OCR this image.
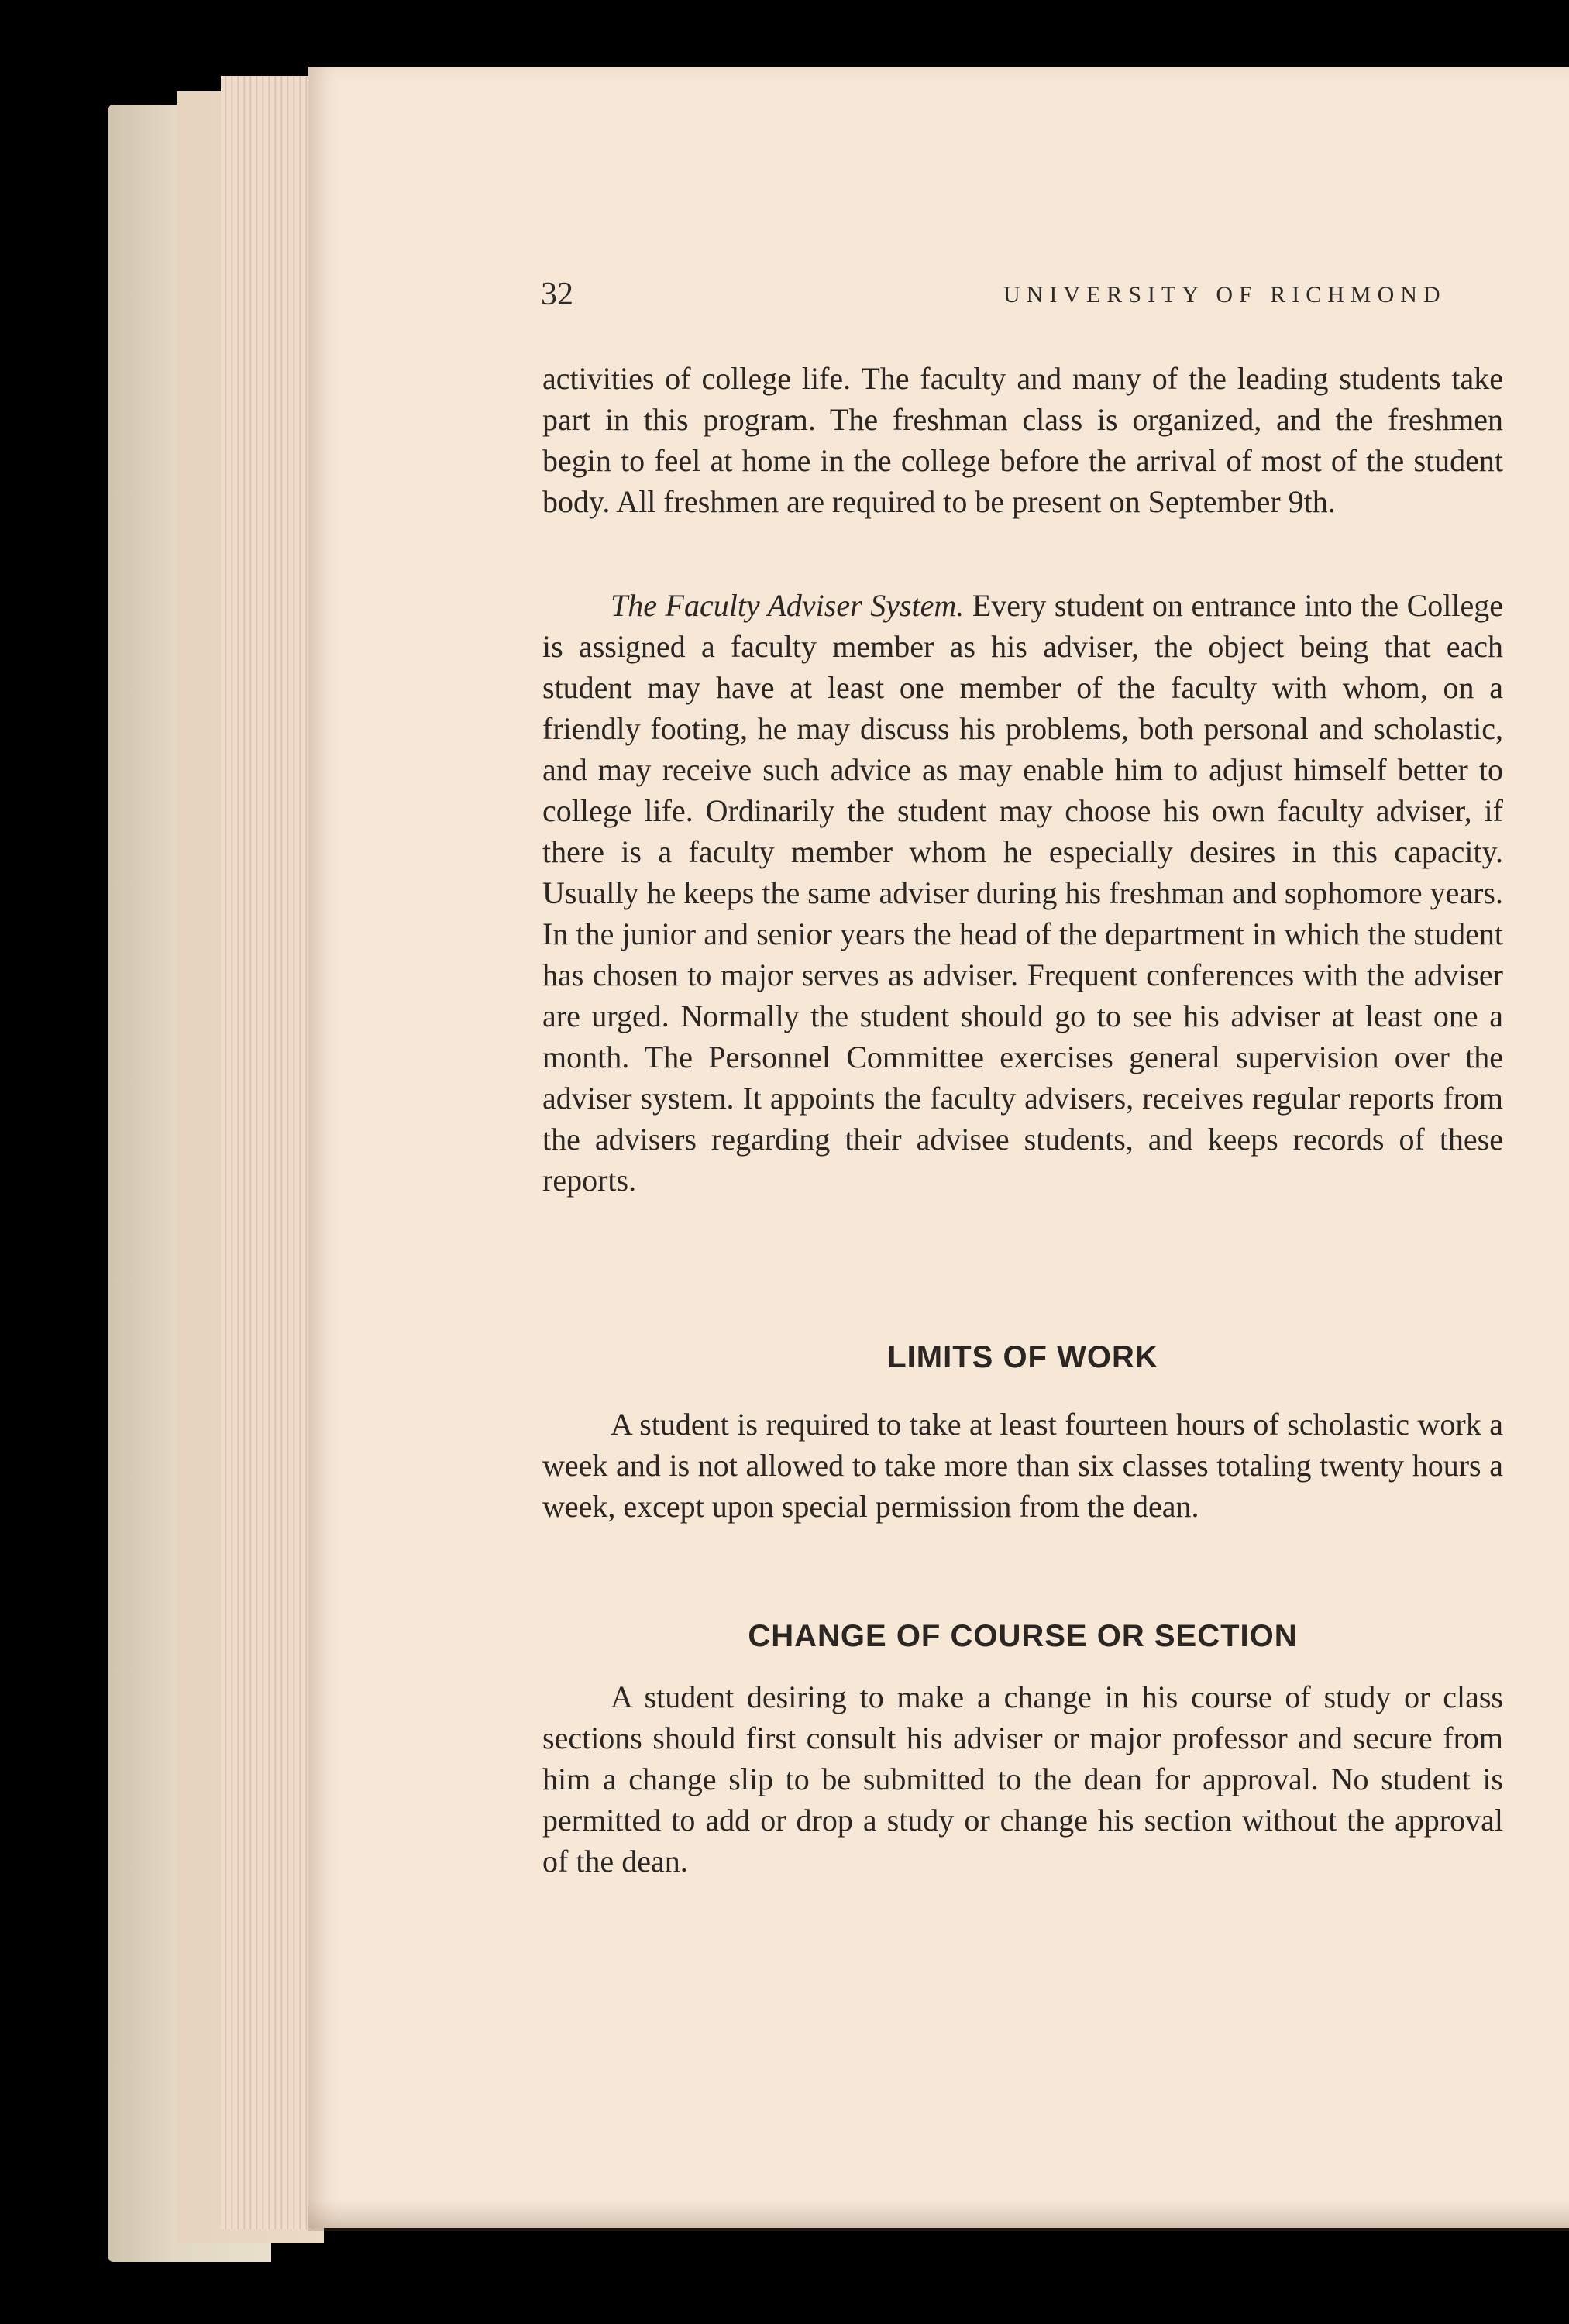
32	UNIVERSITY OF RICHMOND

activities of college life. The faculty and many of the leading students take part in this program. The freshman class is organized, and the freshmen begin to feel at home in the college before the arrival of most of the student body. All freshmen are required to be present on September 9th.

The Faculty Adviser System. Every student on entrance into the College is assigned a faculty member as his adviser, the object being that each student may have at least one member of the faculty with whom, on a friendly footing, he may discuss his problems, both personal and scholastic, and may receive such advice as may enable him to adjust himself better to college life. Ordinarily the student may choose his own faculty adviser, if there is a faculty member whom he especially desires in this capacity. Usually he keeps the same adviser during his freshman and sophomore years. In the junior and senior years the head of the department in which the student has chosen to major serves as adviser. Frequent conferences with the adviser are urged. Normally the student should go to see his adviser at least one a month. The Personnel Committee exercises general supervision over the adviser system. It appoints the faculty advisers, receives regular reports from the advisers regarding their advisee students, and keeps records of these reports.

LIMITS OF WORK

A student is required to take at least fourteen hours of scholastic work a week and is not allowed to take more than six classes totaling twenty hours a week, except upon special permission from the dean.

CHANGE OF COURSE OR SECTION

A student desiring to make a change in his course of study or class sections should first consult his adviser or major professor and secure from him a change slip to be submitted to the dean for approval. No student is permitted to add or drop a study or change his section without the approval of the dean.
